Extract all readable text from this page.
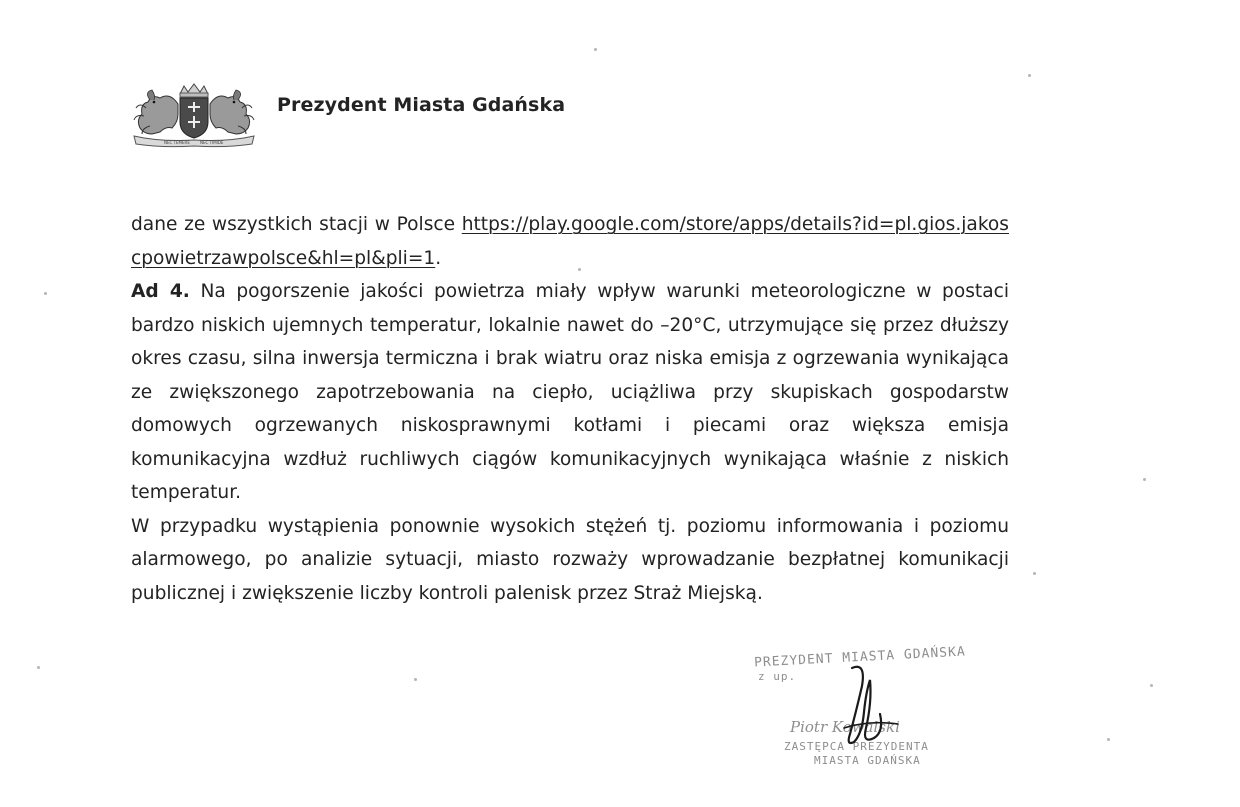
NEC TEMERE	NEC TIMIDE
Prezydent Miasta Gdańska

dane ze wszystkich stacji w Polsce https://play.google.com/store/apps/details?id=pl.gios.jakoscpowietrzawpolsce&hl=pl&pli=1.

Ad 4. Na pogorszenie jakości powietrza miały wpływ warunki meteorologiczne w postaci bardzo niskich ujemnych temperatur, lokalnie nawet do –20°C, utrzymujące się przez dłuższy okres czasu, silna inwersja termiczna i brak wiatru oraz niska emisja z ogrzewania wynikająca ze zwiększonego zapotrzebowania na ciepło, uciążliwa przy skupiskach gospodarstw domowych ogrzewanych niskosprawnymi kotłami i piecami oraz większa emisja komunikacyjna wzdłuż ruchliwych ciągów komunikacyjnych wynikająca właśnie z niskich temperatur.

W przypadku wystąpienia ponownie wysokich stężeń tj. poziomu informowania i poziomu alarmowego, po analizie sytuacji, miasto rozważy wprowadzanie bezpłatnej komunikacji publicznej i zwiększenie liczby kontroli palenisk przez Straż Miejską.

PREZYDENT MIASTA GDAŃSKA
z up.
Piotr Kowalski
ZASTĘPCA PREZYDENTA
MIASTA GDAŃSKA
